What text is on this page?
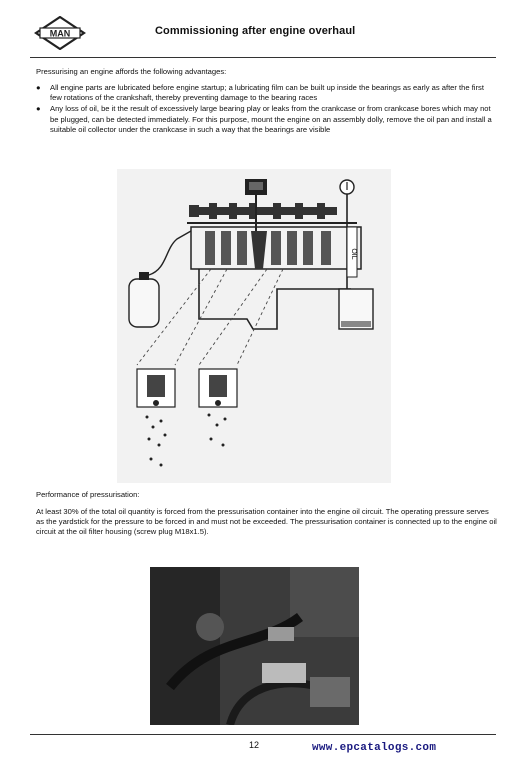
MAN	Commissioning after engine overhaul
Pressurising an engine affords the following advantages:
● All engine parts are lubricated before engine startup; a lubricating film can be built up inside the bearings as early as after the first few rotations of the crankshaft, thereby preventing damage to the bearing races
● Any loss of oil, be it the result of excessively large bearing play or leaks from the crankcase or from crankcase bores which may not be plugged, can be detected immediately. For this purpose, mount the engine on an assembly dolly, remove the oil pan and install a suitable oil collector under the crankcase in such a way that the bearings are visible
OIL
Performance of pressurisation:
At least 30% of the total oil quantity is forced from the pressurisation container into the engine oil circuit. The operating pressure serves as the yardstick for the pressure to be forced in and must not be exceeded. The pressurisation container is connected up to the engine oil circuit at the oil filter housing (screw plug M18x1.5).
12	www.epcatalogs.com
